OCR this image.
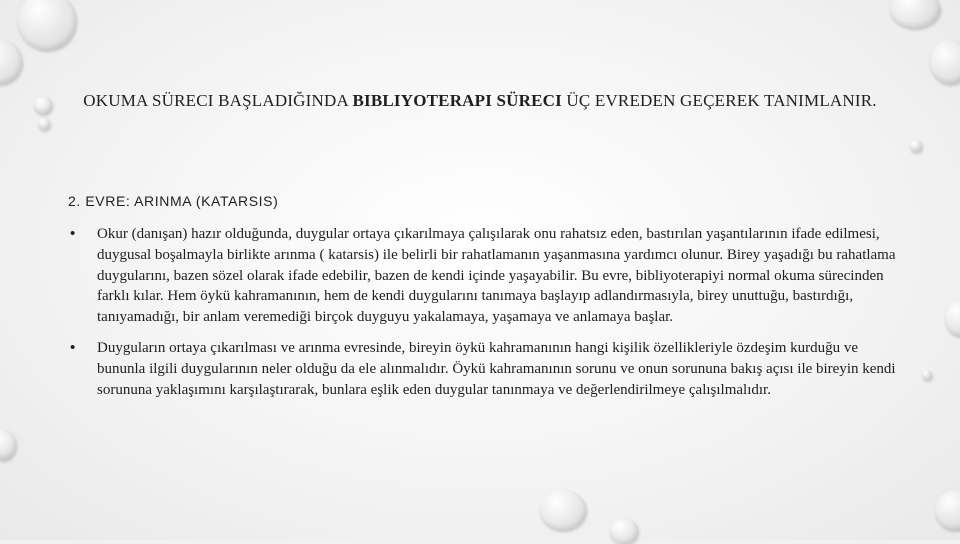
OKUMA SÜRECI BAŞLADIĞINDA BIBLIYOTERAPI SÜRECI ÜÇ EVREDEN GEÇEREK TANIMLANIR.
2. EVRE: ARINMA (KATARSIS)
• Okur (danışan) hazır olduğunda, duygular ortaya çıkarılmaya çalışılarak onu rahatsız eden, bastırılan yaşantılarının ifade edilmesi, duygusal boşalmayla birlikte arınma ( katarsis) ile belirli bir rahatlamanın yaşanmasına yardımcı olunur. Birey yaşadığı bu rahatlama duygularını, bazen sözel olarak ifade edebilir, bazen de kendi içinde yaşayabilir. Bu evre, bibliyoterapiyi normal okuma sürecinden farklı kılar. Hem öykü kahramanının, hem de kendi duygularını tanımaya başlayıp adlandırmasıyla, birey unuttuğu, bastırdığı, tanıyamadığı, bir anlam veremediği birçok duyguyu yakalamaya, yaşamaya ve anlamaya başlar.
• Duyguların ortaya çıkarılması ve arınma evresinde, bireyin öykü kahramanının hangi kişilik özellikleriyle özdeşim kurduğu ve bununla ilgili duygularının neler olduğu da ele alınmalıdır. Öykü kahramanının sorunu ve onun sorununa bakış açısı ile bireyin kendi sorununa yaklaşımını karşılaştırarak, bunlara eşlik eden duygular tanınmaya ve değerlendirilmeye çalışılmalıdır.
